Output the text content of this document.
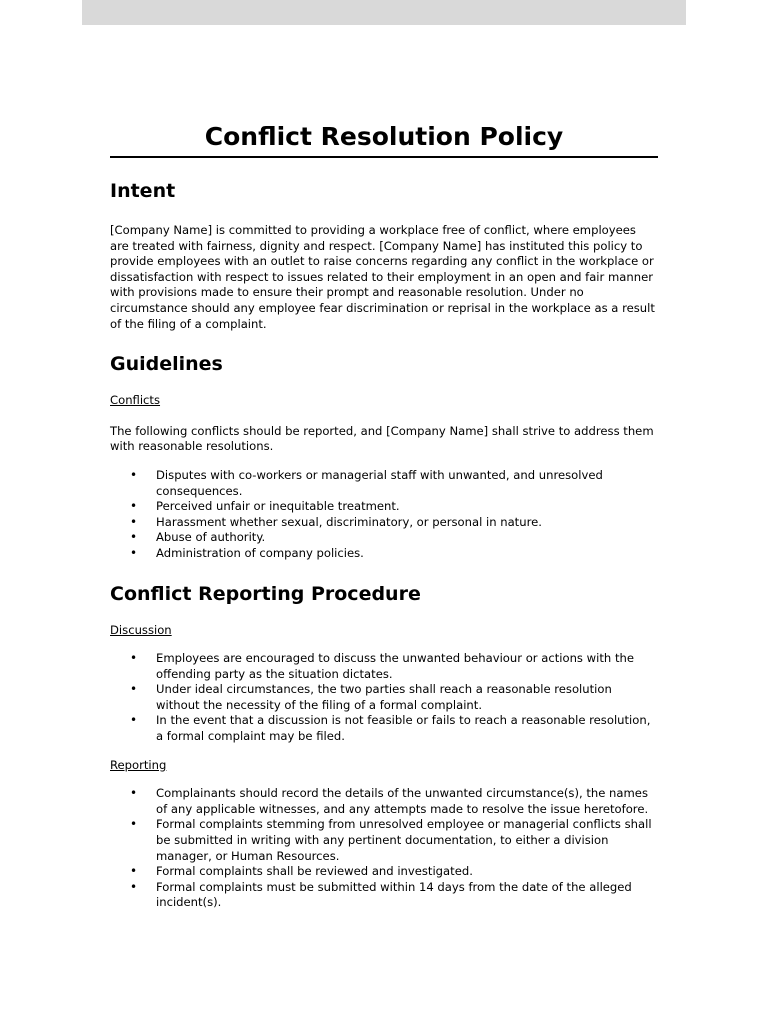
Conflict Resolution Policy
Intent

[Company Name] is committed to providing a workplace free of conflict, where employees are treated with fairness, dignity and respect. [Company Name] has instituted this policy to provide employees with an outlet to raise concerns regarding any conflict in the workplace or dissatisfaction with respect to issues related to their employment in an open and fair manner with provisions made to ensure their prompt and reasonable resolution. Under no circumstance should any employee fear discrimination or reprisal in the workplace as a result of the filing of a complaint.

Guidelines

Conflicts

The following conflicts should be reported, and [Company Name] shall strive to address them with reasonable resolutions.

• Disputes with co-workers or managerial staff with unwanted, and unresolved consequences.
• Perceived unfair or inequitable treatment.
• Harassment whether sexual, discriminatory, or personal in nature.
• Abuse of authority.
• Administration of company policies.
Conflict Reporting Procedure

Discussion

• Employees are encouraged to discuss the unwanted behaviour or actions with the offending party as the situation dictates.
• Under ideal circumstances, the two parties shall reach a reasonable resolution without the necessity of the filing of a formal complaint.
• In the event that a discussion is not feasible or fails to reach a reasonable resolution, a formal complaint may be filed.

Reporting

• Complainants should record the details of the unwanted circumstance(s), the names of any applicable witnesses, and any attempts made to resolve the issue heretofore.
• Formal complaints stemming from unresolved employee or managerial conflicts shall be submitted in writing with any pertinent documentation, to either a division manager, or Human Resources.
• Formal complaints shall be reviewed and investigated.
• Formal complaints must be submitted within 14 days from the date of the alleged incident(s).
